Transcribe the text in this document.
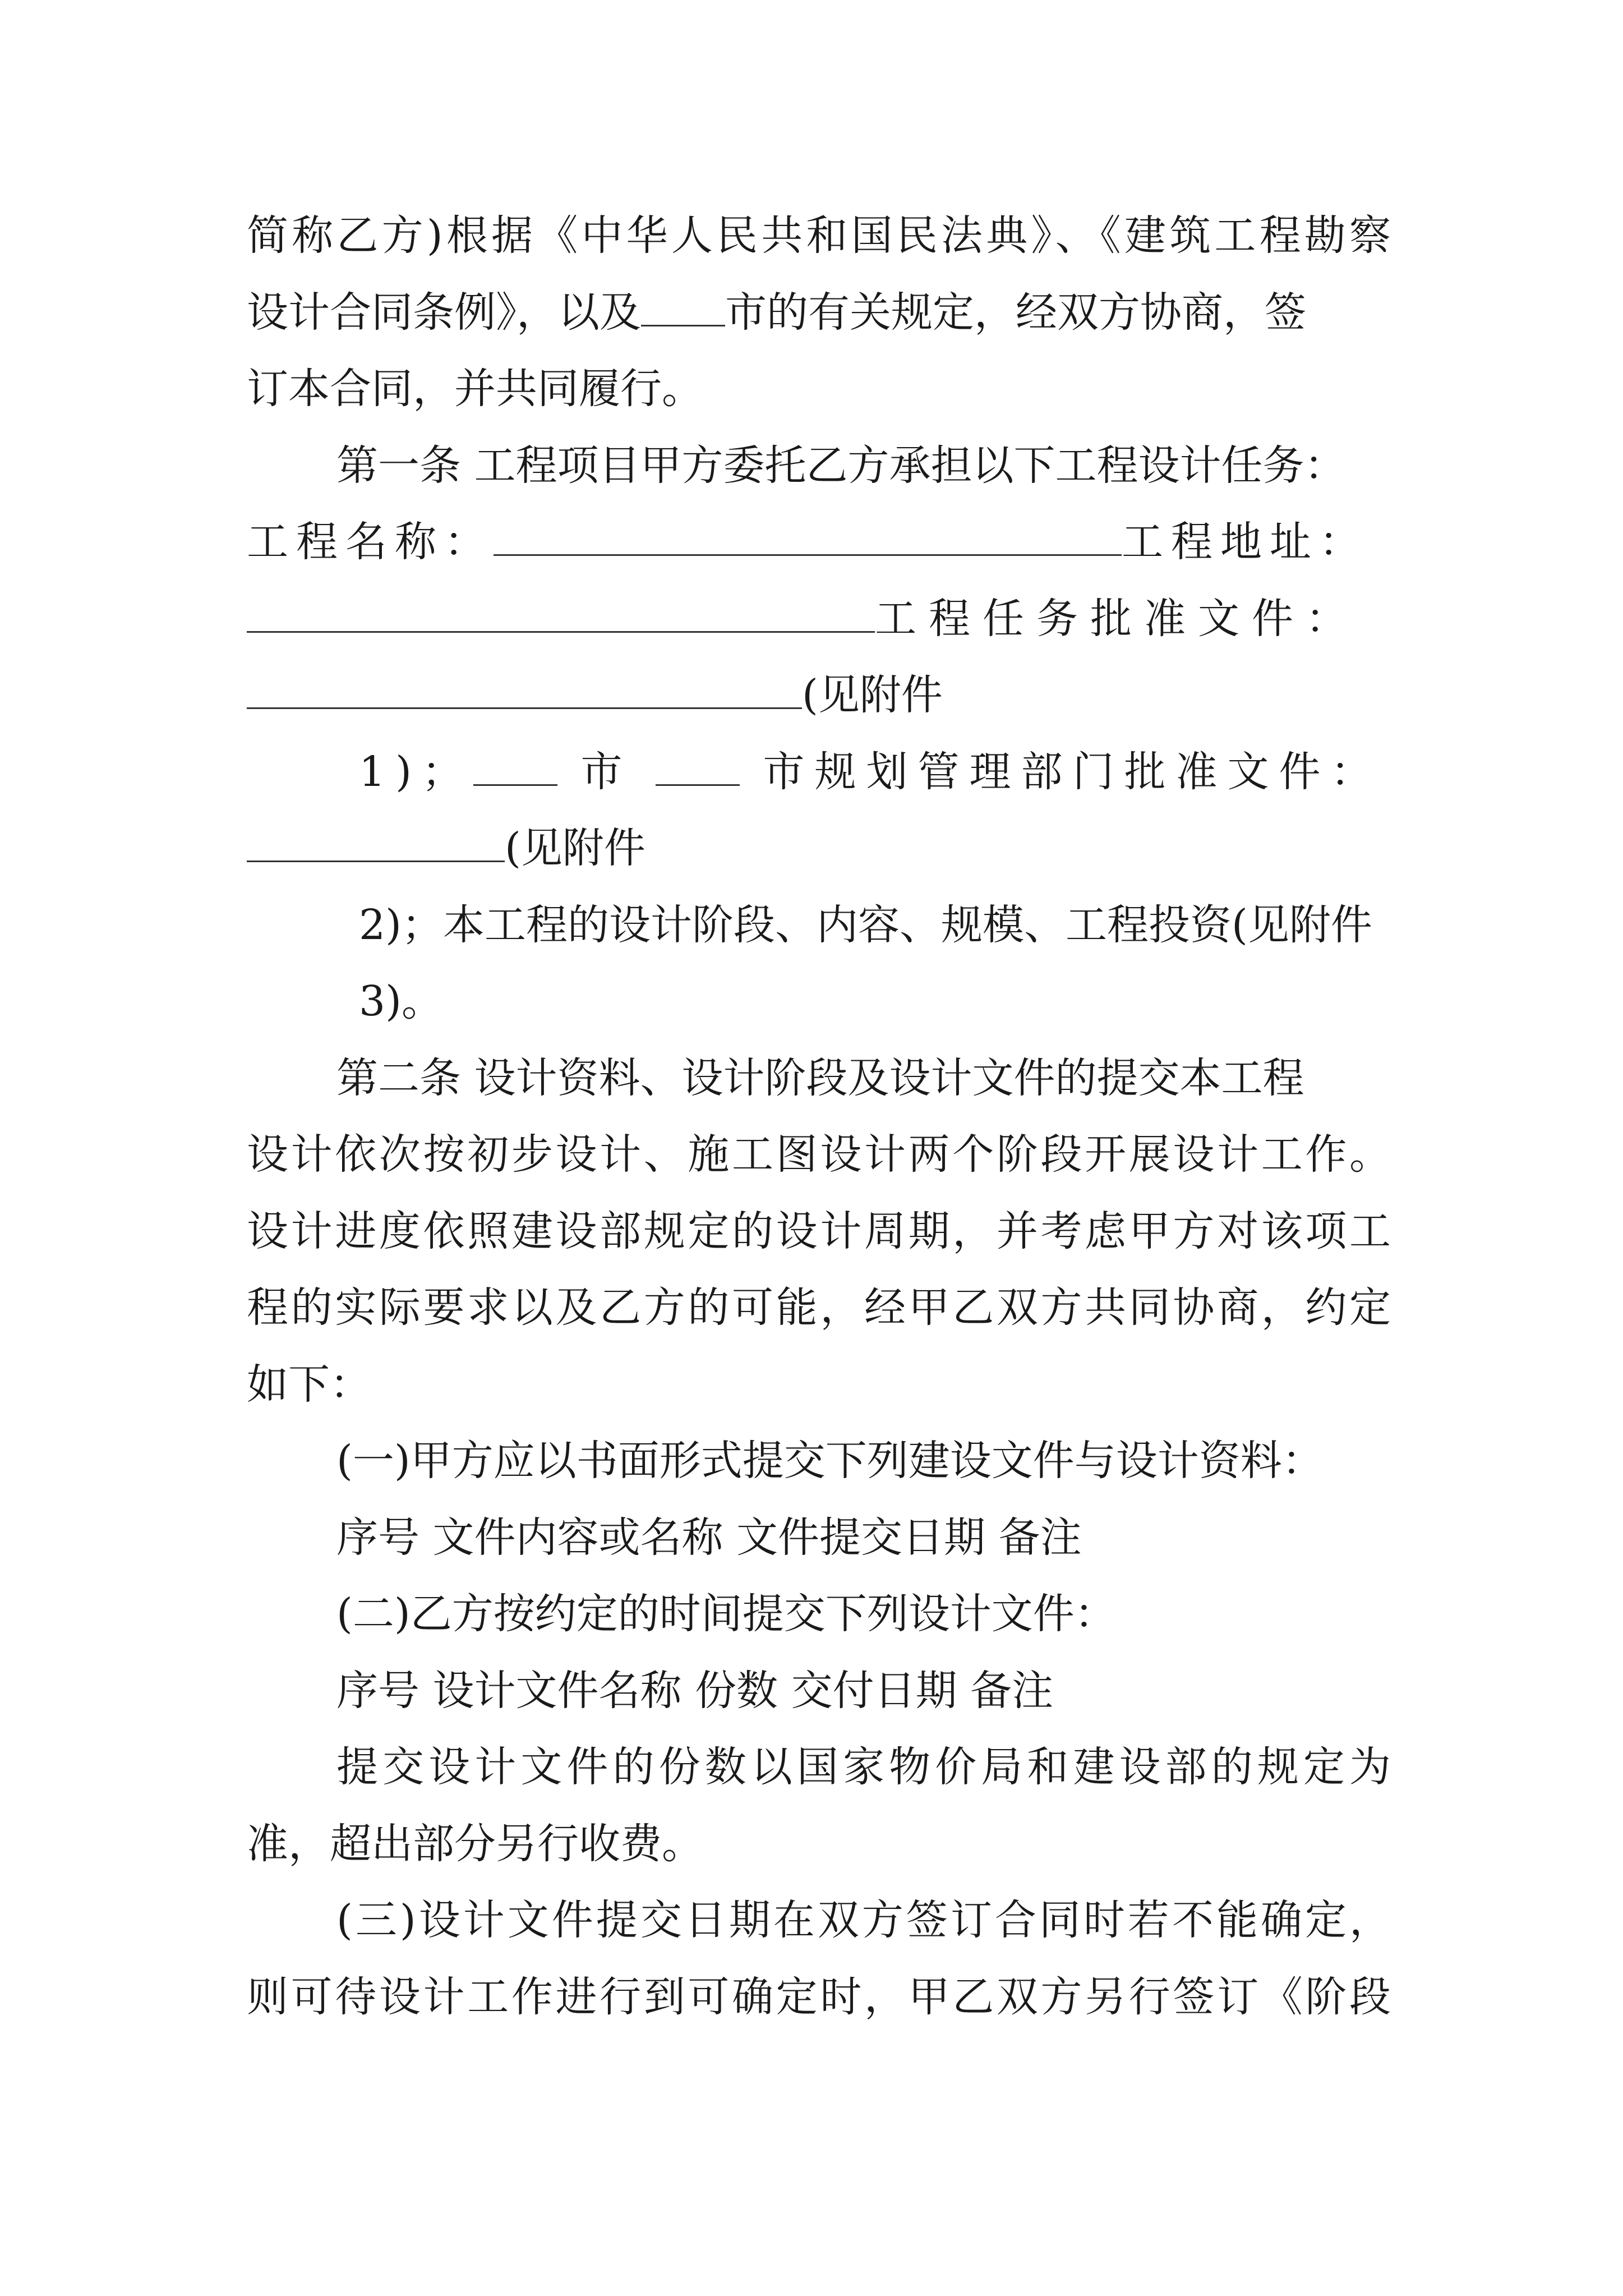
简称乙方)根据《中华人民共和国民法典》、《建筑工程勘察
设计合同条例》，以及 市的有关规定，经双方协商，签
订本合同，并共同履行。
第一条 工程项目甲方委托乙方承担以下工程设计任务：
工程名称：	工程地址：
工程任务批准文件：
(见附件
1)；	市	市规划管理部门批准文件：
(见附件
2)；本工程的设计阶段、内容、规模、工程投资(见附件
3)。
第二条 设计资料、设计阶段及设计文件的提交本工程
设计依次按初步设计、施工图设计两个阶段开展设计工作。
设计进度依照建设部规定的设计周期，并考虑甲方对该项工
程的实际要求以及乙方的可能，经甲乙双方共同协商，约定
如下：
(一)甲方应以书面形式提交下列建设文件与设计资料：
序号 文件内容或名称 文件提交日期 备注
(二)乙方按约定的时间提交下列设计文件：
序号 设计文件名称 份数 交付日期 备注
提交设计文件的份数以国家物价局和建设部的规定为
准，超出部分另行收费。
(三)设计文件提交日期在双方签订合同时若不能确定，
则可待设计工作进行到可确定时，甲乙双方另行签订《阶段
